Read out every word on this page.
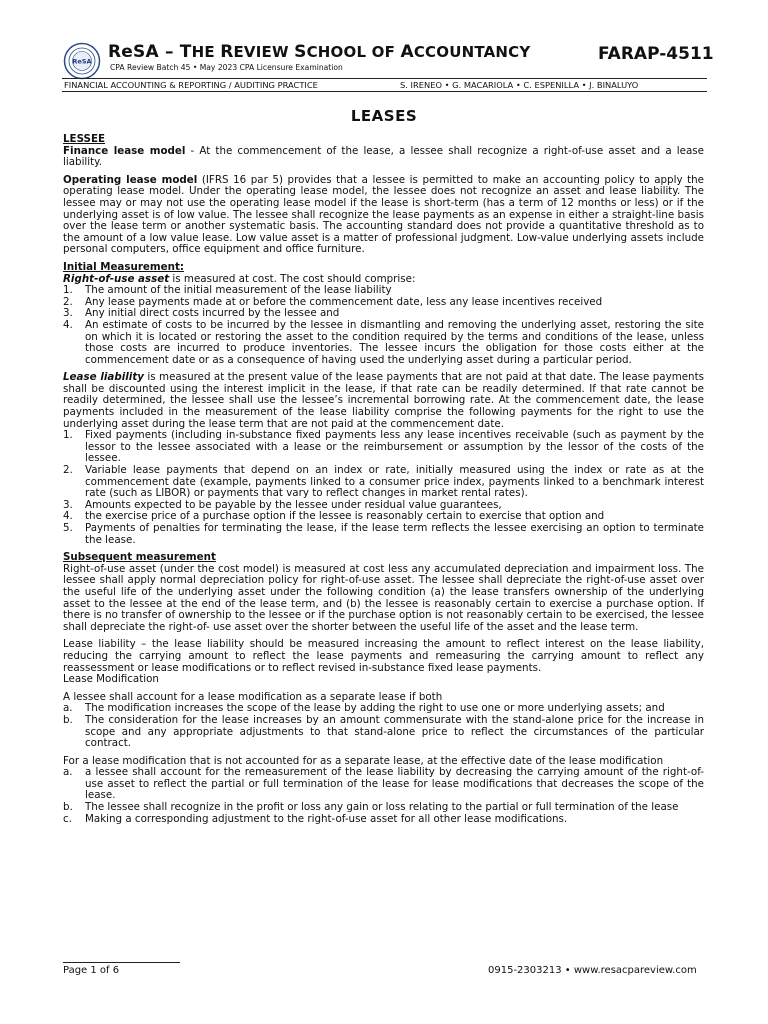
ReSA ReSA – THE REVIEW SCHOOL OF ACCOUNTANCY
CPA Review Batch 45 • May 2023 CPA Licensure Examination
FARAP-4511
FINANCIAL ACCOUNTING & REPORTING / AUDITING PRACTICE	S. IRENEO • G. MACARIOLA • C. ESPENILLA • J. BINALUYO
LEASES

LESSEE

Finance lease model - At the commencement of the lease, a lessee shall recognize a right-of-use asset and a lease liability.

Operating lease model (IFRS 16 par 5) provides that a lessee is permitted to make an accounting policy to apply the operating lease model. Under the operating lease model, the lessee does not recognize an asset and lease liability. The lessee may or may not use the operating lease model if the lease is short-term (has a term of 12 months or less) or if the underlying asset is of low value. The lessee shall recognize the lease payments as an expense in either a straight-line basis over the lease term or another systematic basis. The accounting standard does not provide a quantitative threshold as to the amount of a low value lease. Low value asset is a matter of professional judgment. Low-value underlying assets include personal computers, office equipment and office furniture.

Initial Measurement:

Right-of-use asset is measured at cost. The cost should comprise:

1.	The amount of the initial measurement of the lease liability
2.	Any lease payments made at or before the commencement date, less any lease incentives received
3.	Any initial direct costs incurred by the lessee and
4.	An estimate of costs to be incurred by the lessee in dismantling and removing the underlying asset, restoring the site on which it is located or restoring the asset to the condition required by the terms and conditions of the lease, unless those costs are incurred to produce inventories. The lessee incurs the obligation for those costs either at the commencement date or as a consequence of having used the underlying asset during a particular period.

Lease liability is measured at the present value of the lease payments that are not paid at that date. The lease payments shall be discounted using the interest implicit in the lease, if that rate can be readily determined. If that rate cannot be readily determined, the lessee shall use the lessee’s incremental borrowing rate. At the commencement date, the lease payments included in the measurement of the lease liability comprise the following payments for the right to use the underlying asset during the lease term that are not paid at the commencement date.

1.	Fixed payments (including in-substance fixed payments less any lease incentives receivable (such as payment by the lessor to the lessee associated with a lease or the reimbursement or assumption by the lessor of the costs of the lessee.
2.	Variable lease payments that depend on an index or rate, initially measured using the index or rate as at the commencement date (example, payments linked to a consumer price index, payments linked to a benchmark interest rate (such as LIBOR) or payments that vary to reflect changes in market rental rates).
3.	Amounts expected to be payable by the lessee under residual value guarantees,
4.	the exercise price of a purchase option if the lessee is reasonably certain to exercise that option and
5.	Payments of penalties for terminating the lease, if the lease term reflects the lessee exercising an option to terminate the lease.

Subsequent measurement

Right-of-use asset (under the cost model) is measured at cost less any accumulated depreciation and impairment loss. The lessee shall apply normal depreciation policy for right-of-use asset. The lessee shall depreciate the right-of-use asset over the useful life of the underlying asset under the following condition (a) the lease transfers ownership of the underlying asset to the lessee at the end of the lease term, and (b) the lessee is reasonably certain to exercise a purchase option. If there is no transfer of ownership to the lessee or if the purchase option is not reasonably certain to be exercised, the lessee shall depreciate the right-of- use asset over the shorter between the useful life of the asset and the lease term.

Lease liability – the lease liability should be measured increasing the amount to reflect interest on the lease liability, reducing the carrying amount to reflect the lease payments and remeasuring the carrying amount to reflect any reassessment or lease modifications or to reflect revised in-substance fixed lease payments.

Lease Modification

A lessee shall account for a lease modification as a separate lease if both

a.	The modification increases the scope of the lease by adding the right to use one or more underlying assets; and
b.	The consideration for the lease increases by an amount commensurate with the stand-alone price for the increase in scope and any appropriate adjustments to that stand-alone price to reflect the circumstances of the particular contract.

For a lease modification that is not accounted for as a separate lease, at the effective date of the lease modification

a.	a lessee shall account for the remeasurement of the lease liability by decreasing the carrying amount of the right-of-use asset to reflect the partial or full termination of the lease for lease modifications that decreases the scope of the lease.
b.	The lessee shall recognize in the profit or loss any gain or loss relating to the partial or full termination of the lease
c.	Making a corresponding adjustment to the right-of-use asset for all other lease modifications.
Page 1 of 6	0915-2303213 • www.resacpareview.com
